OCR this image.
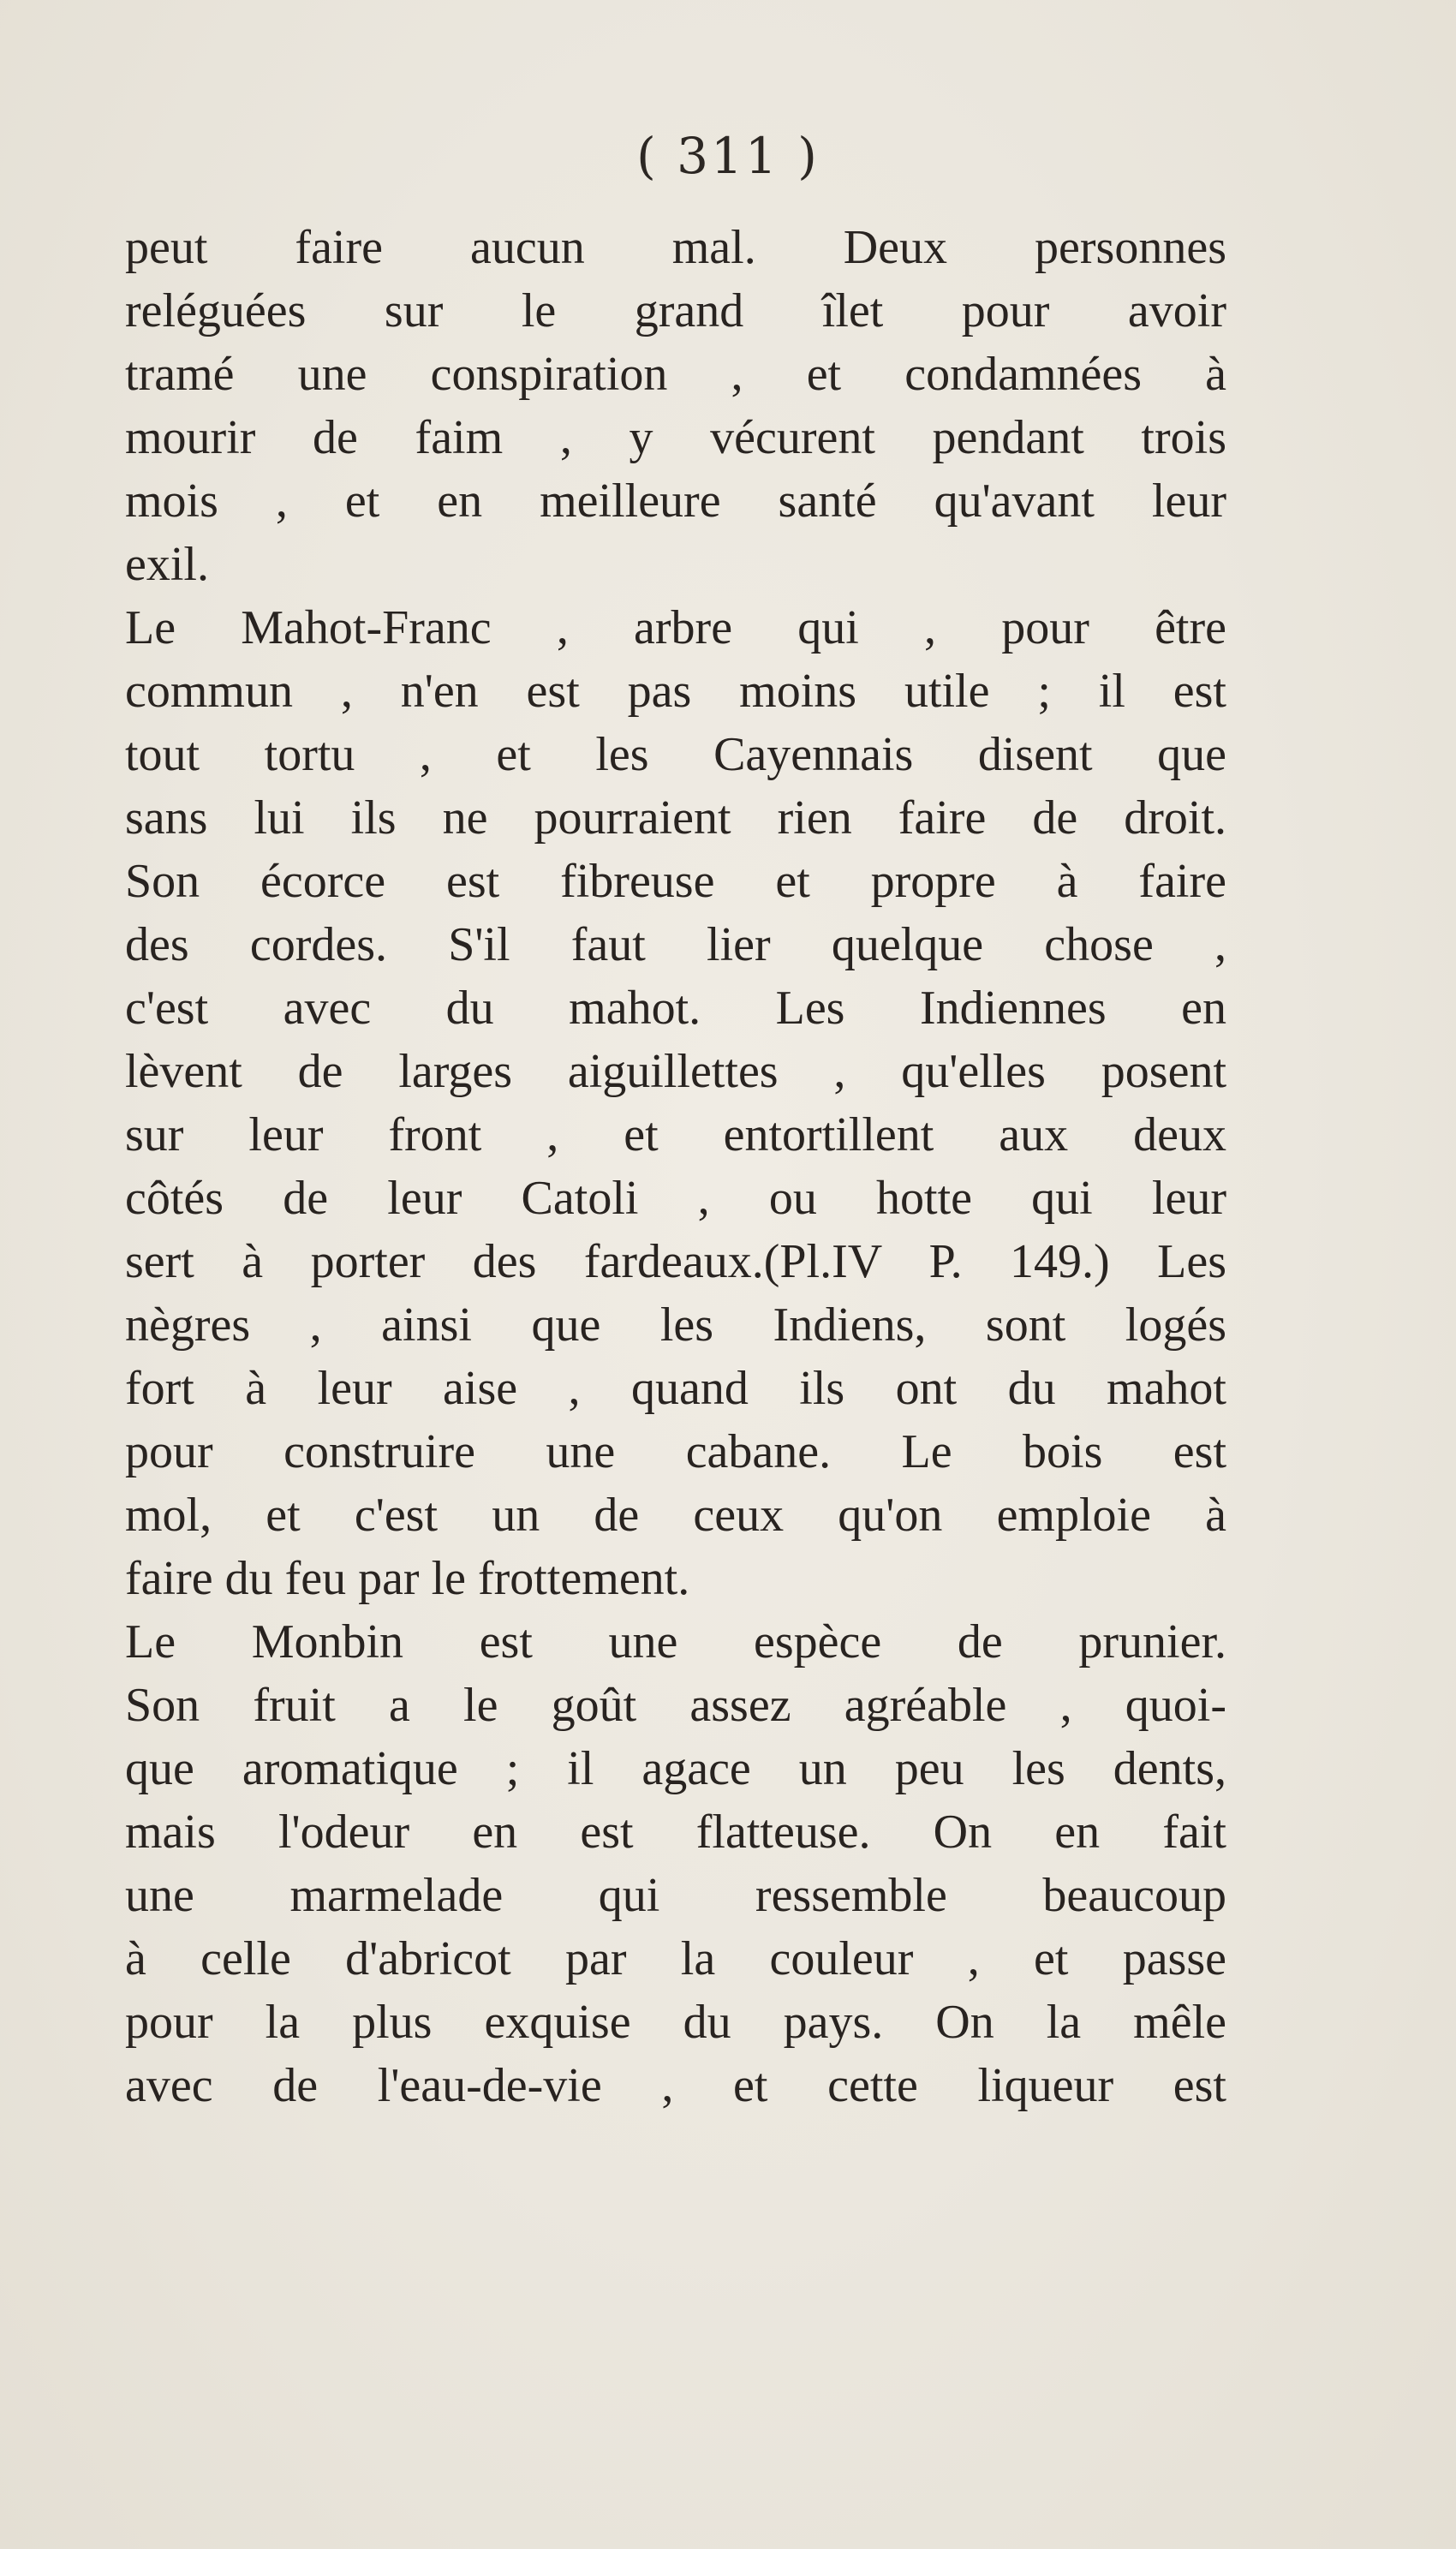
( 311 )
peut faire aucun mal. Deux personnes
reléguées sur le grand îlet pour avoir
tramé une conspiration , et condamnées à
mourir de faim , y vécurent pendant trois
mois , et en meilleure santé qu'avant leur
exil.
Le Mahot-Franc , arbre qui , pour être
commun , n'en est pas moins utile ; il est
tout tortu , et les Cayennais disent que
sans lui ils ne pourraient rien faire de droit.
Son écorce est fibreuse et propre à faire
des cordes. S'il faut lier quelque chose ,
c'est avec du mahot. Les Indiennes en
lèvent de larges aiguillettes , qu'elles posent
sur leur front , et entortillent aux deux
côtés de leur Catoli , ou hotte qui leur
sert à porter des fardeaux.(Pl.IV P. 149.) Les
nègres , ainsi que les Indiens, sont logés
fort à leur aise , quand ils ont du mahot
pour construire une cabane. Le bois est
mol, et c'est un de ceux qu'on emploie à
faire du feu par le frottement.
Le Monbin est une espèce de prunier.
Son fruit a le goût assez agréable , quoi-
que aromatique ; il agace un peu les dents,
mais l'odeur en est flatteuse. On en fait
une marmelade qui ressemble beaucoup
à celle d'abricot par la couleur , et passe
pour la plus exquise du pays. On la mêle
avec de l'eau-de-vie , et cette liqueur est
